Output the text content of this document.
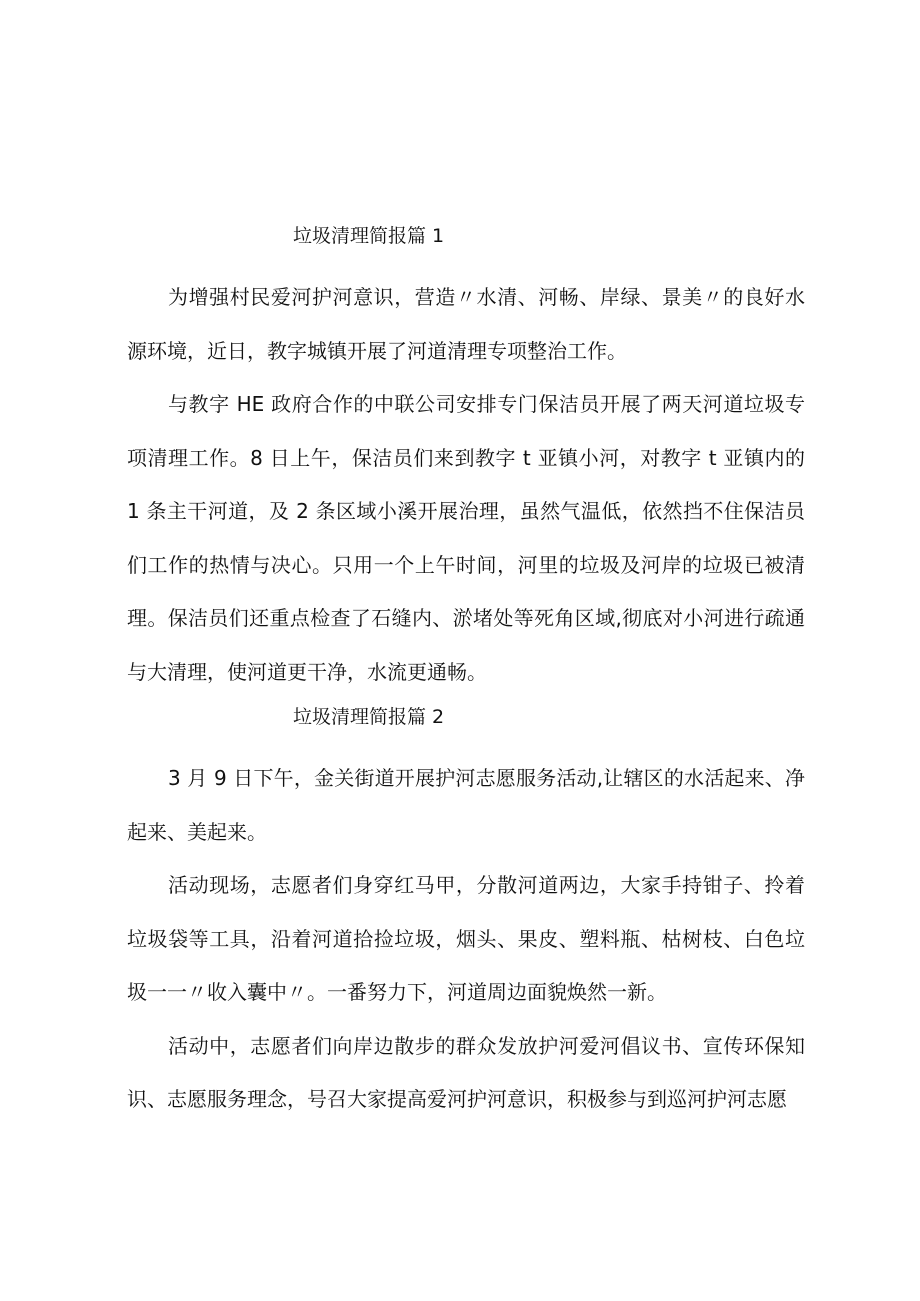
垃圾清理简报篇 1

为增强村民爱河护河意识，营造〃水清、河畅、岸绿、景美〃的良好水源环境，近日，教字城镇开展了河道清理专项整治工作。

与教字 HE 政府合作的中联公司安排专门保洁员开展了两天河道垃圾专项清理工作。8 日上午，保洁员们来到教字 t 亚镇小河，对教字 t 亚镇内的 1 条主干河道，及 2 条区域小溪开展治理，虽然气温低，依然挡不住保洁员们工作的热情与决心。只用一个上午时间，河里的垃圾及河岸的垃圾已被清理。保洁员们还重点检查了石缝内、淤堵处等死角区域,彻底对小河进行疏通与大清理，使河道更干净，水流更通畅。

垃圾清理简报篇 2

3 月 9 日下午，金关街道开展护河志愿服务活动,让辖区的水活起来、净起来、美起来。

活动现场，志愿者们身穿红马甲，分散河道两边，大家手持钳子、拎着垃圾袋等工具，沿着河道拾捡垃圾，烟头、果皮、塑料瓶、枯树枝、白色垃圾一一〃收入囊中〃。一番努力下，河道周边面貌焕然一新。

活动中，志愿者们向岸边散步的群众发放护河爱河倡议书、宣传环保知识、志愿服务理念，号召大家提高爱河护河意识，积极参与到巡河护河志愿
